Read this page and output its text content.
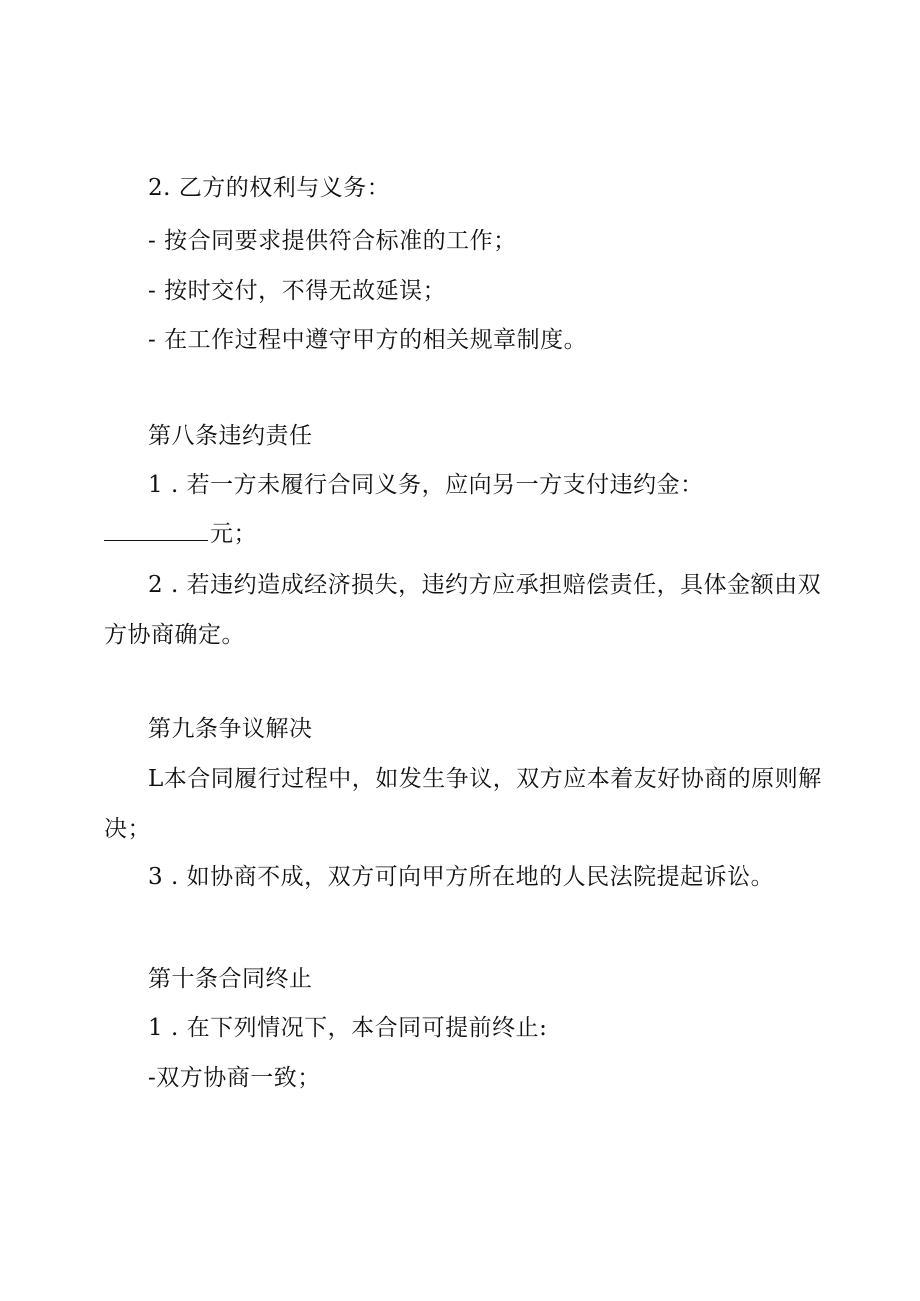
2. 乙方的权利与义务：
- 按合同要求提供符合标准的工作；
- 按时交付，不得无故延误；
- 在工作过程中遵守甲方的相关规章制度。
第八条违约责任
1 . 若一方未履行合同义务，应向另一方支付违约金：
元；
2 . 若违约造成经济损失，违约方应承担赔偿责任，具体金额由双
方协商确定。
第九条争议解决
L本合同履行过程中，如发生争议，双方应本着友好协商的原则解
决；
3 . 如协商不成，双方可向甲方所在地的人民法院提起诉讼。
第十条合同终止
1 . 在下列情况下，本合同可提前终止:
-双方协商一致；
